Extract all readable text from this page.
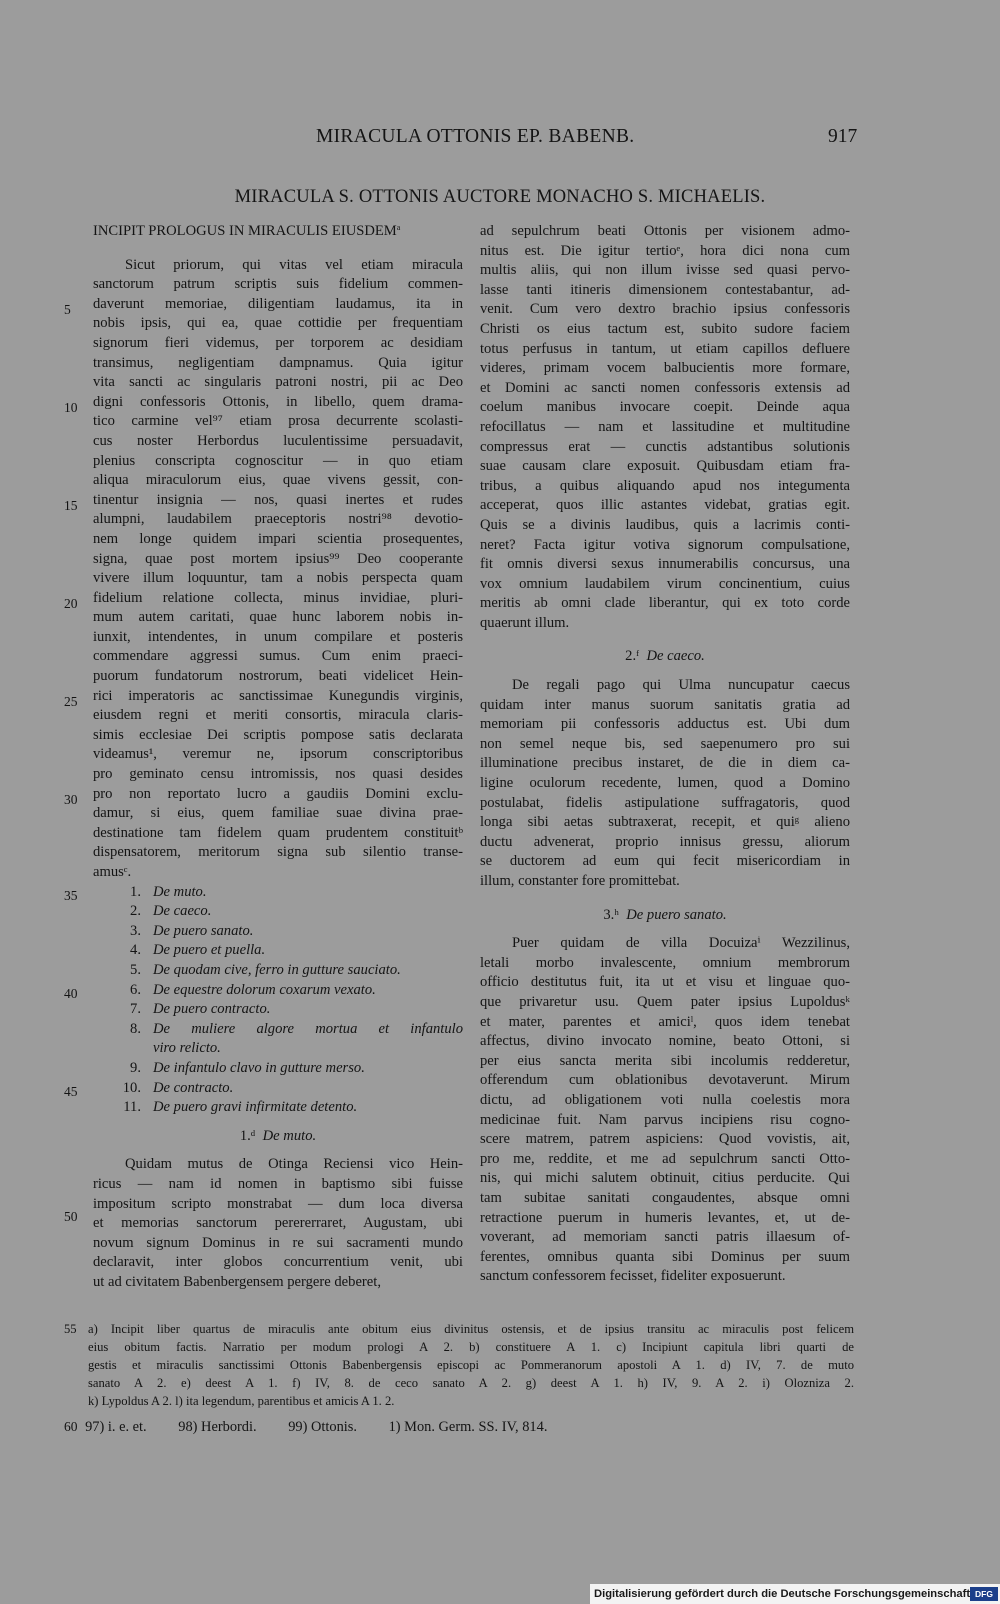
MIRACULA OTTONIS EP. BABENB.	917
MIRACULA S. OTTONIS AUCTORE MONACHO S. MICHAELIS.
5
10
15
20
25
30
35
40
45
50
INCIPIT PROLOGUS IN MIRACULIS EIUSDEM$^a$
Sicut priorum, qui vitas vel etiam miracula
sanctorum patrum scriptis suis fidelium commen-
daverunt memoriae, diligentiam laudamus, ita in
nobis ipsis, qui ea, quae cottidie per frequentiam
signorum fieri videmus, per torporem ac desidiam
transimus, negligentiam dampnamus. Quia igitur
vita sancti ac singularis patroni nostri, pii ac Deo
digni confessoris Ottonis, in libello, quem drama-
tico carmine vel⁹⁷ etiam prosa decurrente scolasti-
cus noster Herbordus luculentissime persuadavit,
plenius conscripta cognoscitur — in quo etiam
aliqua miraculorum eius, quae vivens gessit, con-
tinentur insignia — nos, quasi inertes et rudes
alumpni, laudabilem praeceptoris nostri⁹⁸ devotio-
nem longe quidem impari scientia prosequentes,
signa, quae post mortem ipsius⁹⁹ Deo cooperante
vivere illum loquuntur, tam a nobis perspecta quam
fidelium relatione collecta, minus invidiae, pluri-
mum autem caritati, quae hunc laborem nobis in-
iunxit, intendentes, in unum compilare et posteris
commendare aggressi sumus. Cum enim praeci-
puorum fundatorum nostrorum, beati videlicet Hein-
rici imperatoris ac sanctissimae Kunegundis virginis,
eiusdem regni et meriti consortis, miracula claris-
simis ecclesiae Dei scriptis pompose satis declarata
videamus¹, veremur ne, ipsorum conscriptoribus
pro geminato censu intromissis, nos quasi desides
pro non reportato lucro a gaudiis Domini exclu-
damur, si eius, quem familiae suae divina prae-
destinatione tam fidelem quam prudentem constituitᵇ
dispensatorem, meritorum signa sub silentio transe-
amusᶜ.
1. De muto.
2. De caeco.
3. De puero sanato.
4. De puero et puella.
5. De quodam cive, ferro in gutture sauciato.
6. De equestre dolorum coxarum vexato.
7. De puero contracto.
8. De muliere algore mortua et infantulo
viro relicto.
9. De infantulo clavo in gutture merso.
10. De contracto.
11. De puero gravi infirmitate detento.
1.ᵈ De muto.
Quidam mutus de Otinga Reciensi vico Hein-
ricus — nam id nomen in baptismo sibi fuisse
impositum scripto monstrabat — dum loca diversa
et memorias sanctorum perererraret, Augustam, ubi
novum signum Dominus in re sui sacramenti mundo
declaravit, inter globos concurrentium venit, ubi
ut ad civitatem Babenbergensem pergere deberet,
ad sepulchrum beati Ottonis per visionem admo-
nitus est. Die igitur tertioᵉ, hora dici nona cum
multis aliis, qui non illum ivisse sed quasi pervo-
lasse tanti itineris dimensionem contestabantur, ad-
venit. Cum vero dextro brachio ipsius confessoris
Christi os eius tactum est, subito sudore faciem
totus perfusus in tantum, ut etiam capillos defluere
videres, primam vocem balbucientis more formare,
et Domini ac sancti nomen confessoris extensis ad
coelum manibus invocare coepit. Deinde aqua
refocillatus — nam et lassitudine et multitudine
compressus erat — cunctis adstantibus solutionis
suae causam clare exposuit. Quibusdam etiam fra-
tribus, a quibus aliquando apud nos integumenta
acceperat, quos illic astantes videbat, gratias egit.
Quis se a divinis laudibus, quis a lacrimis conti-
neret? Facta igitur votiva signorum compulsatione,
fit omnis diversi sexus innumerabilis concursus, una
vox omnium laudabilem virum concinentium, cuius
meritis ab omni clade liberantur, qui ex toto corde
quaerunt illum.
2.ᶠ De caeco.
De regali pago qui Ulma nuncupatur caecus
quidam inter manus suorum sanitatis gratia ad
memoriam pii confessoris adductus est. Ubi dum
non semel neque bis, sed saepenumero pro sui
illuminatione precibus instaret, de die in diem ca-
ligine oculorum recedente, lumen, quod a Domino
postulabat, fidelis astipulatione suffragatoris, quod
longa sibi aetas subtraxerat, recepit, et quiᵍ alieno
ductu advenerat, proprio innisus gressu, aliorum
se ductorem ad eum qui fecit misericordiam in
illum, constanter fore promittebat.
3.ʰ De puero sanato.
Puer quidam de villa Docuizaⁱ Wezzilinus,
letali morbo invalescente, omnium membrorum
officio destitutus fuit, ita ut et visu et linguae quo-
que privaretur usu. Quem pater ipsius Lupoldusᵏ
et mater, parentes et amiciˡ, quos idem tenebat
affectus, divino invocato nomine, beato Ottoni, si
per eius sancta merita sibi incolumis redderetur,
offerendum cum oblationibus devotaverunt. Mirum
dictu, ad obligationem voti nulla coelestis mora
medicinae fuit. Nam parvus incipiens risu cogno-
scere matrem, patrem aspiciens: Quod vovistis, ait,
pro me, reddite, et me ad sepulchrum sancti Otto-
nis, qui michi salutem obtinuit, citius perducite. Qui
tam subitae sanitati congaudentes, absque omni
retractione puerum in humeris levantes, et, ut de-
voverant, ad memoriam sancti patris illaesum of-
ferentes, omnibus quanta sibi Dominus per suum
sanctum confessorem fecisset, fideliter exposuerunt.
55 a) Incipit liber quartus de miraculis ante obitum eius divinitus ostensis, et de ipsius transitu ac miraculis post felicem
eius obitum factis. Narratio per modum prologi A 2. b) constituere A 1. c) Incipiunt capitula libri quarti de
gestis et miraculis sanctissimi Ottonis Babenbergensis episcopi ac Pommeranorum apostoli A 1. d) IV, 7. de muto
sanato A 2. e) deest A 1. f) IV, 8. de ceco sanato A 2. g) deest A 1. h) IV, 9. A 2. i) Olozniza 2.
k) Lypoldus A 2. l) ita legendum, parentibus et amicis A 1. 2.
60 97) i. e. et. 98) Herbordi. 99) Ottonis. 1) Mon. Germ. SS. IV, 814.
Digitalisierung gefördert durch die Deutsche Forschungsgemeinschaft DFG
